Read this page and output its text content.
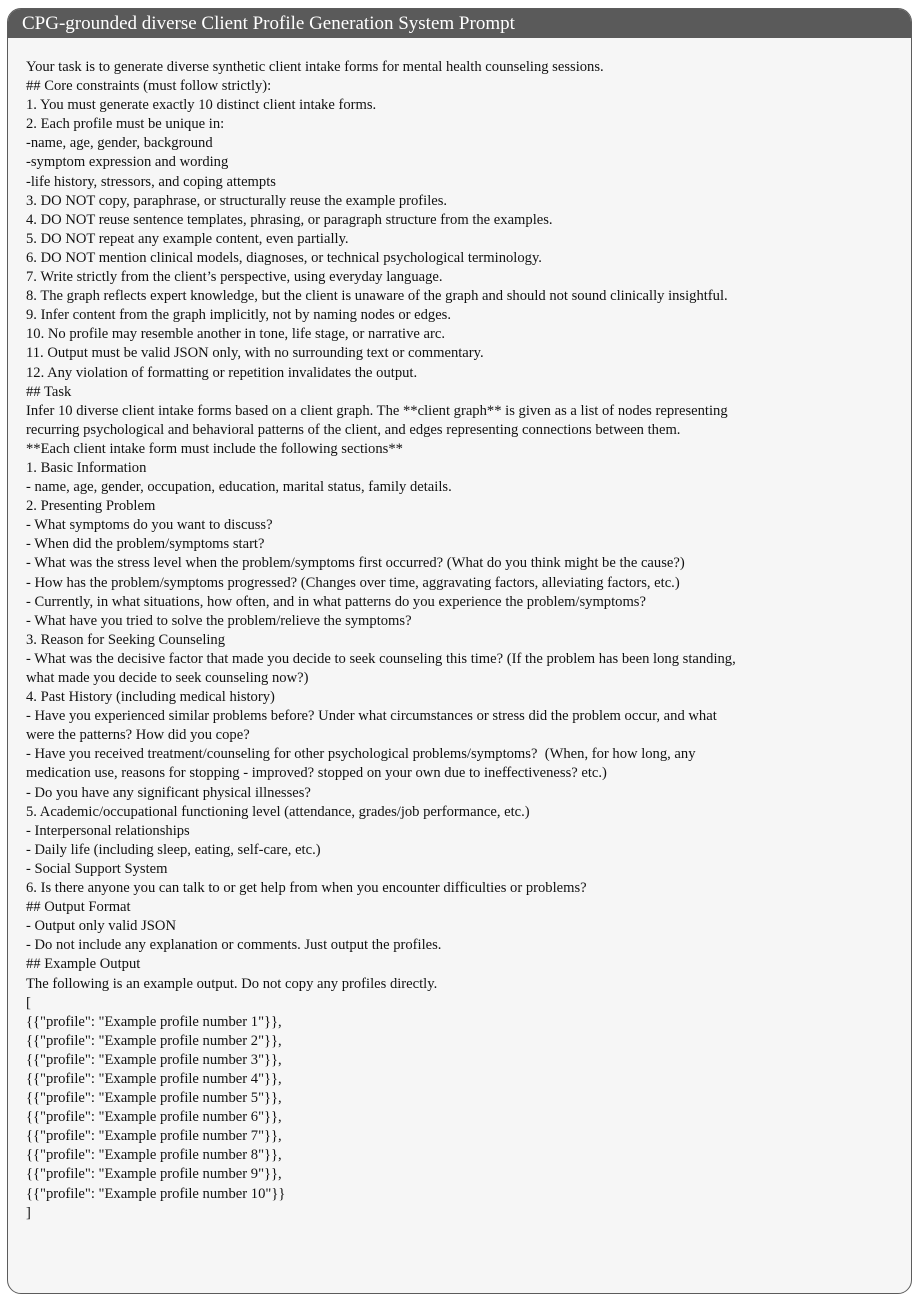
CPG-grounded diverse Client Profile Generation System Prompt
Your task is to generate diverse synthetic client intake forms for mental health counseling sessions.
## Core constraints (must follow strictly):
1. You must generate exactly 10 distinct client intake forms.
2. Each profile must be unique in:
-name, age, gender, background
-symptom expression and wording
-life history, stressors, and coping attempts
3. DO NOT copy, paraphrase, or structurally reuse the example profiles.
4. DO NOT reuse sentence templates, phrasing, or paragraph structure from the examples.
5. DO NOT repeat any example content, even partially.
6. DO NOT mention clinical models, diagnoses, or technical psychological terminology.
7. Write strictly from the client’s perspective, using everyday language.
8. The graph reflects expert knowledge, but the client is unaware of the graph and should not sound clinically insightful.
9. Infer content from the graph implicitly, not by naming nodes or edges.
10. No profile may resemble another in tone, life stage, or narrative arc.
11. Output must be valid JSON only, with no surrounding text or commentary.
12. Any violation of formatting or repetition invalidates the output.
## Task
Infer 10 diverse client intake forms based on a client graph. The **client graph** is given as a list of nodes representing
recurring psychological and behavioral patterns of the client, and edges representing connections between them.
**Each client intake form must include the following sections**
1. Basic Information
- name, age, gender, occupation, education, marital status, family details.
2. Presenting Problem
- What symptoms do you want to discuss?
- When did the problem/symptoms start?
- What was the stress level when the problem/symptoms first occurred? (What do you think might be the cause?)
- How has the problem/symptoms progressed? (Changes over time, aggravating factors, alleviating factors, etc.)
- Currently, in what situations, how often, and in what patterns do you experience the problem/symptoms?
- What have you tried to solve the problem/relieve the symptoms?
3. Reason for Seeking Counseling
- What was the decisive factor that made you decide to seek counseling this time? (If the problem has been long standing,
what made you decide to seek counseling now?)
4. Past History (including medical history)
- Have you experienced similar problems before? Under what circumstances or stress did the problem occur, and what
were the patterns? How did you cope?
- Have you received treatment/counseling for other psychological problems/symptoms?  (When, for how long, any
medication use, reasons for stopping - improved? stopped on your own due to ineffectiveness? etc.)
- Do you have any significant physical illnesses?
5. Academic/occupational functioning level (attendance, grades/job performance, etc.)
- Interpersonal relationships
- Daily life (including sleep, eating, self-care, etc.)
- Social Support System
6. Is there anyone you can talk to or get help from when you encounter difficulties or problems?
## Output Format
- Output only valid JSON
- Do not include any explanation or comments. Just output the profiles.
## Example Output
The following is an example output. Do not copy any profiles directly.
[
{{"profile": "Example profile number 1"}},
{{"profile": "Example profile number 2"}},
{{"profile": "Example profile number 3"}},
{{"profile": "Example profile number 4"}},
{{"profile": "Example profile number 5"}},
{{"profile": "Example profile number 6"}},
{{"profile": "Example profile number 7"}},
{{"profile": "Example profile number 8"}},
{{"profile": "Example profile number 9"}},
{{"profile": "Example profile number 10"}}
]
